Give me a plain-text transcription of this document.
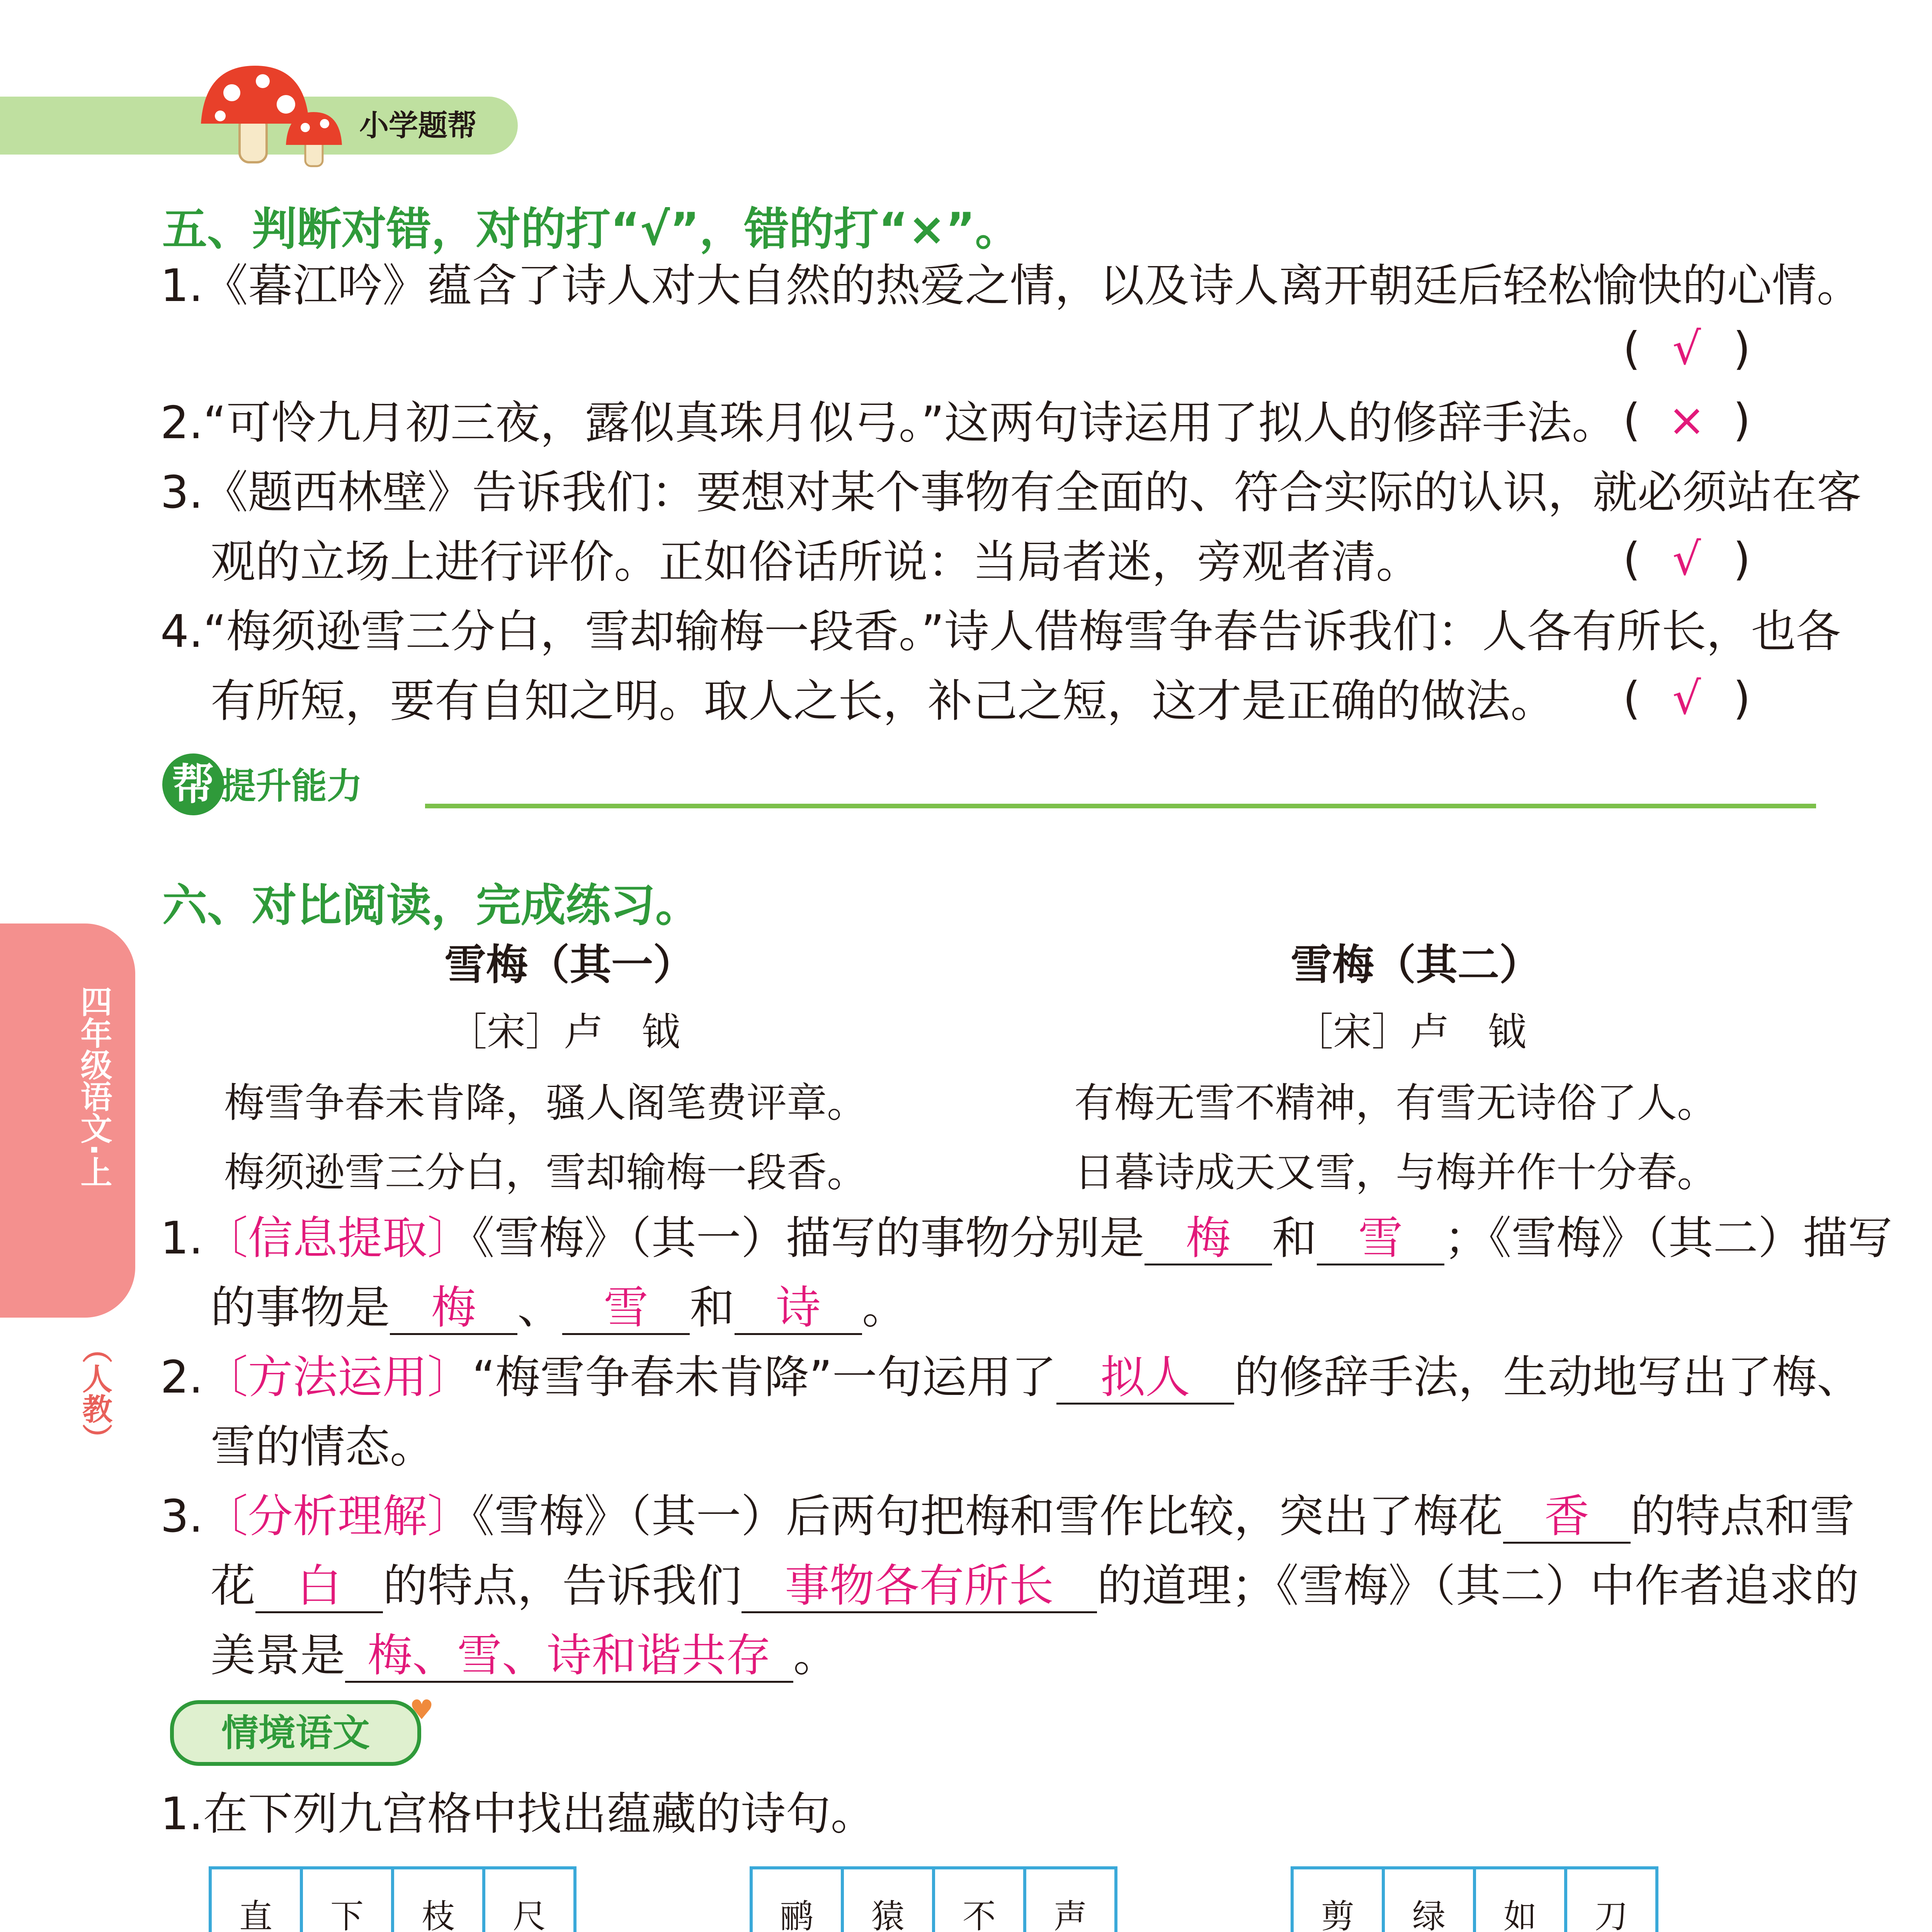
小学题帮
四年级语文·上
（人教）
五、判断对错，对的打“√”，错的打“×”。
1.《暮江吟》蕴含了诗人对大自然的热爱之情，以及诗人离开朝廷后轻松愉快的心情。
( √ )
2.“可怜九月初三夜，露似真珠月似弓。”这两句诗运用了拟人的修辞手法。 ( × )
3.《题西林壁》告诉我们：要想对某个事物有全面的、符合实际的认识，就必须站在客
观的立场上进行评价。正如俗话所说：当局者迷，旁观者清。	( √ )
4.“梅须逊雪三分白，雪却输梅一段香。”诗人借梅雪争春告诉我们：人各有所长，也各
有所短，要有自知之明。取人之长，补己之短，这才是正确的做法。 ( √ )
帮 提升能力
六、对比阅读，完成练习。
雪梅（其一）
［宋］卢　钺
梅雪争春未肯降，骚人阁笔费评章。
梅须逊雪三分白，雪却输梅一段香。
雪梅（其二）
［宋］卢　钺
有梅无雪不精神，有雪无诗俗了人。
日暮诗成天又雪，与梅并作十分春。
1.〔信息提取〕《雪梅》（其一）描写的事物分别是 梅 和 雪 ；《雪梅》（其二）描写
的事物是 梅 、 雪 和 诗 。
2.〔方法运用〕“梅雪争春未肯降”一句运用了 拟人 的修辞手法，生动地写出了梅、
雪的情态。
3.〔分析理解〕《雪梅》（其一）后两句把梅和雪作比较，突出了梅花 香 的特点和雪
花 白 的特点，告诉我们 事物各有所长 的道理；《雪梅》（其二）中作者追求的
美景是 梅、雪、诗和谐共存 。
情境语文
♥
1.在下列九宫格中找出蕴藏的诗句。
直	下	枝	尺

				鹂	猿	不	声

				剪	绿	如	刀
